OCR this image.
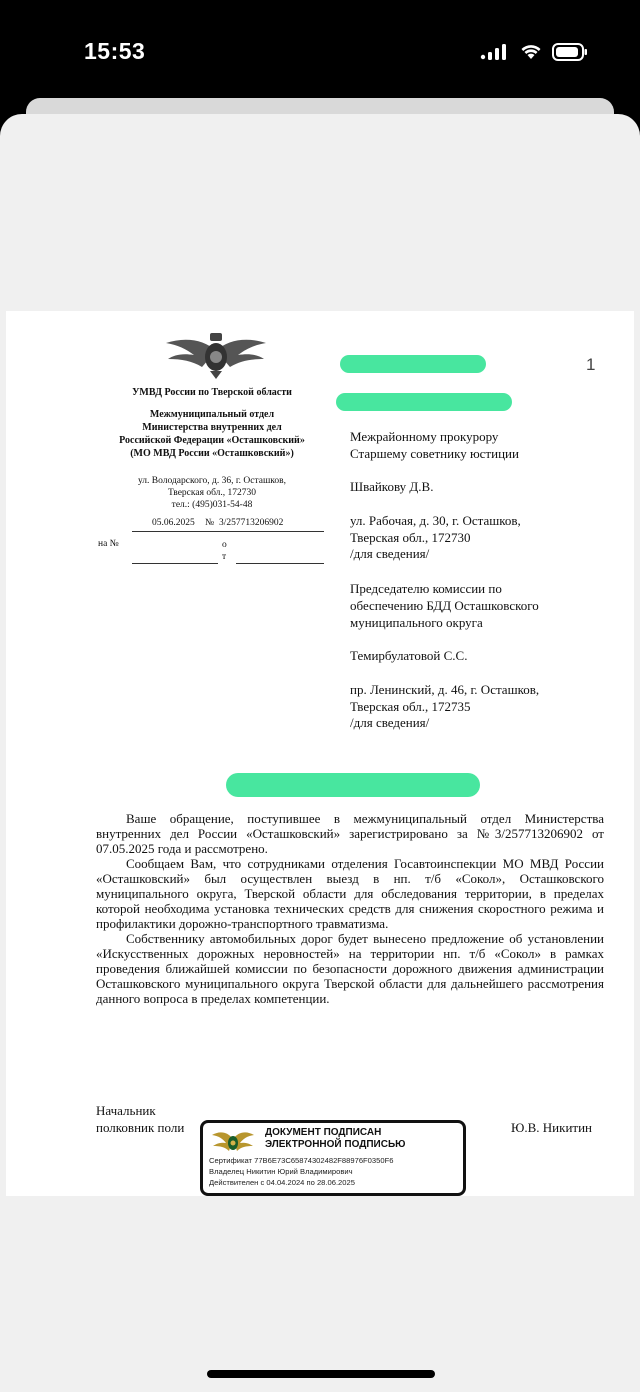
15:53
УМВД России по Тверской области
Межмуниципальный отдел
Министерства внутренних дел
Российской Федерации «Осташковский»
(МО МВД России «Осташковский»)
ул. Володарского, д. 36, г. Осташков,
Тверская обл., 172730
тел.: (495)031-54-48
05.06.2025 № 3/257713206902
на №	о т
1
Межрайонному прокурору
Старшему советнику юстиции
Швайкову Д.В.
ул. Рабочая, д. 30, г. Осташков,
Тверская обл., 172730
/для сведения/
Председателю комиссии по
обеспечению БДД Осташковского
муниципального округа
Темирбулатовой С.С.
пр. Ленинский, д. 46, г. Осташков,
Тверская обл., 172735
/для сведения/

Ваше обращение, поступившее в межмуниципальный отдел Министерства внутренних дел России «Осташковский» зарегистрировано за №3/257713206902 от 07.05.2025 года и рассмотрено.

Сообщаем Вам, что сотрудниками отделения Госавтоинспекции МО МВД России «Осташковский» был осуществлен выезд в нп. т/б «Сокол», Осташковского муниципального округа, Тверской области для обследования территории, в пределах которой необходима установка технических средств для снижения скоростного режима и профилактики дорожно-транспортного травматизма.

Собственнику автомобильных дорог будет вынесено предложение об установлении «Искусственных дорожных неровностей» на территории нп. т/б «Сокол» в рамках проведения ближайшей комиссии по безопасности дорожного движения администрации Осташковского муниципального округа Тверской области для дальнейшего рассмотрения данного вопроса в пределах компетенции.

Начальник
полковник поли	Ю.В. Никитин
ДОКУМЕНТ ПОДПИСАН
ЭЛЕКТРОННОЙ ПОДПИСЬЮ
Сертификат 77B6E73C65874302482F88976F0350F6
Владелец Никитин Юрий Владимирович
Действителен с 04.04.2024 по 28.06.2025
